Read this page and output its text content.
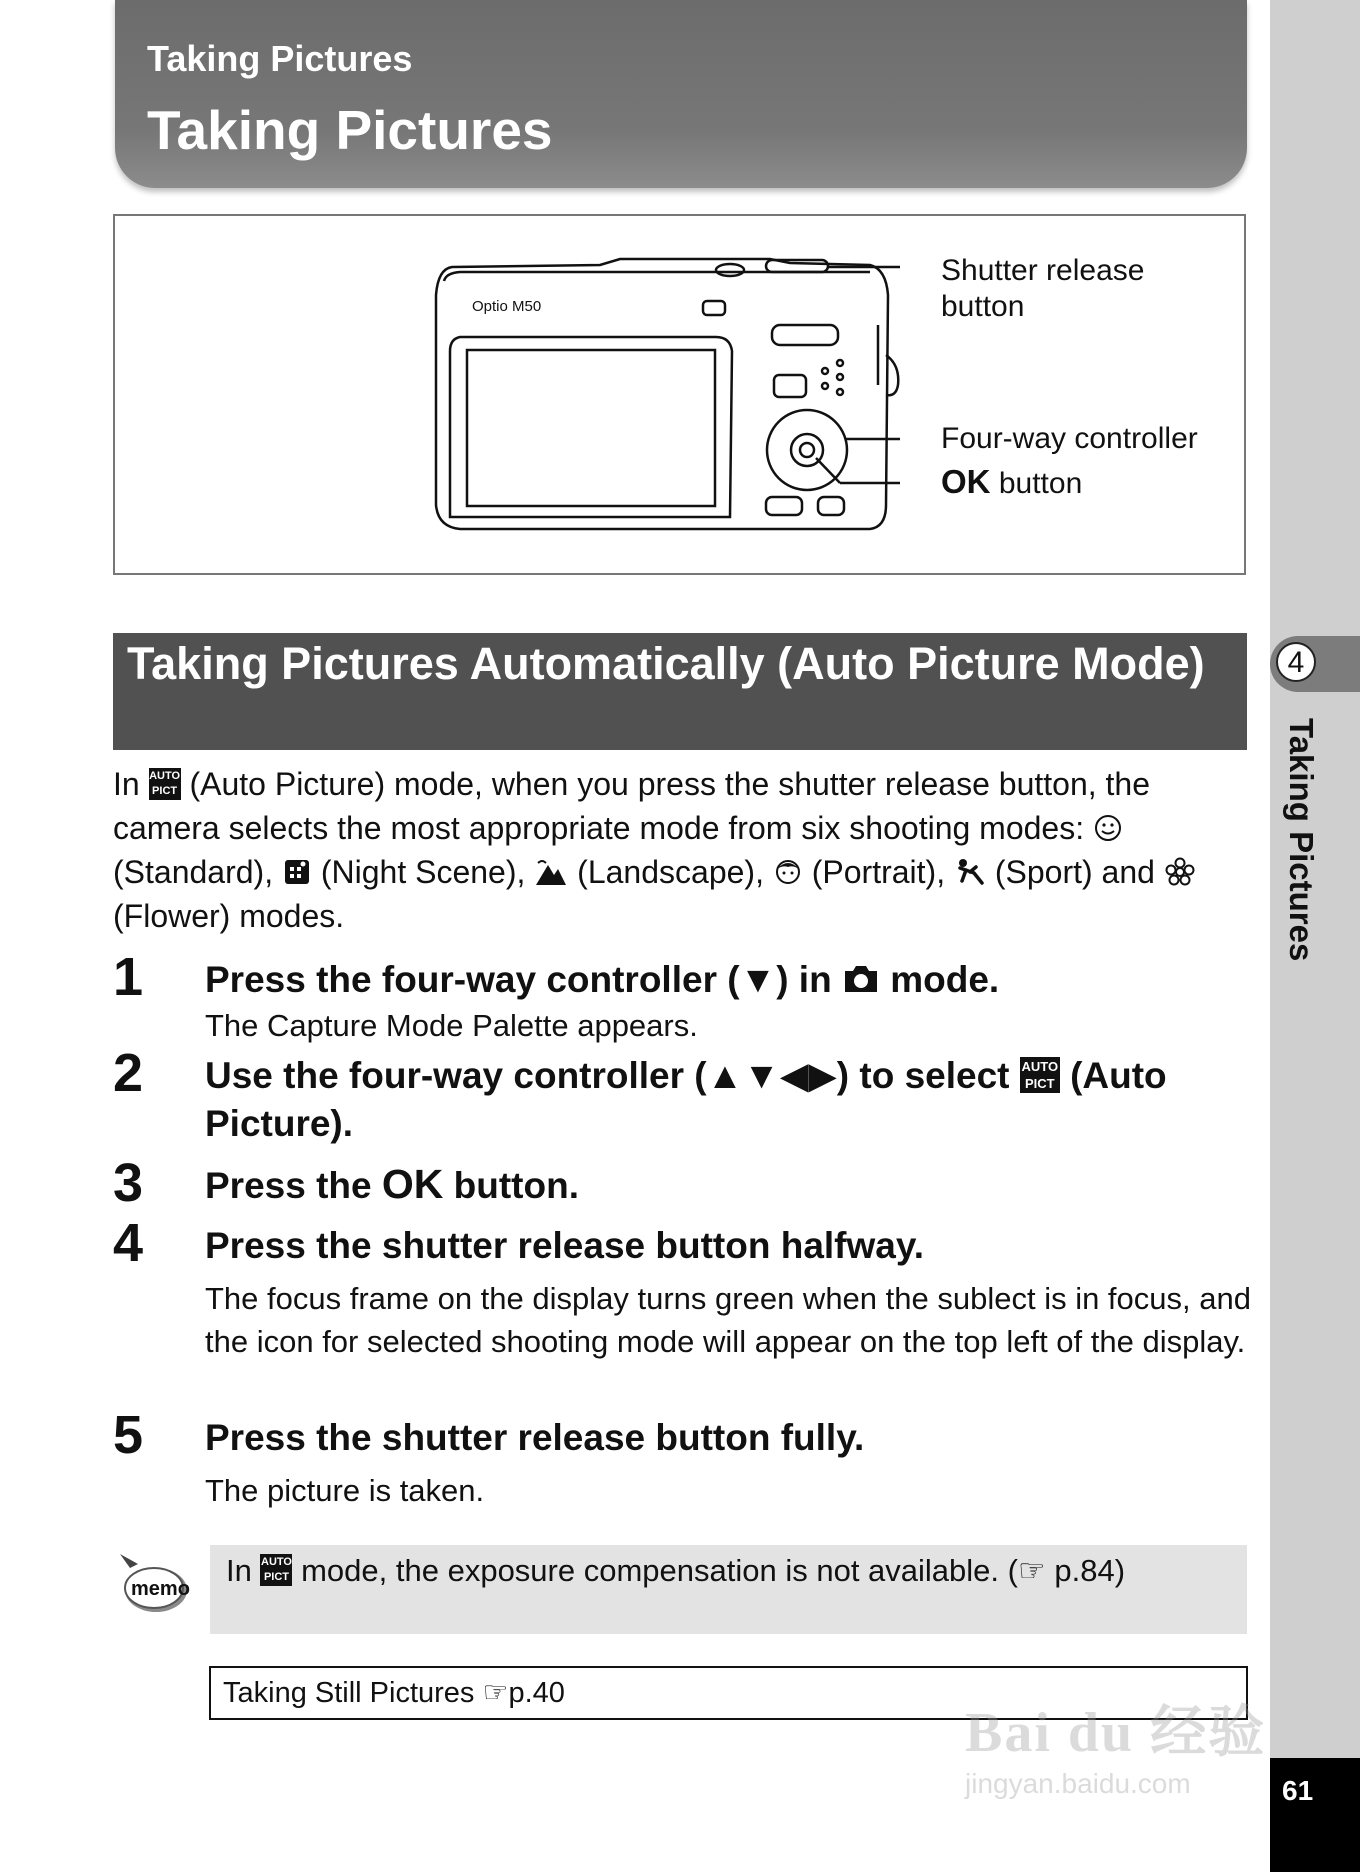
Taking Pictures
Taking Pictures
4
Taking Pictures
61
Optio M50
Shutter release
button
Four-way controller
OK button
Taking Pictures Automatically (Auto Picture Mode)
In AUTO
PICT (Auto Picture) mode, when you press the shutter release button, the camera selects the most appropriate mode from six shooting modes:  (Standard), (Night Scene), (Landscape), (Portrait), (Sport) and  (Flower) modes.
1 Press the four-way controller (▼) in mode.
The Capture Mode Palette appears.
2 Use the four-way controller (▲▼◀▶) to select AUTO
PICT (Auto Picture).
3 Press the OK button.
4 Press the shutter release button halfway.
The focus frame on the display turns green when the sublect is in focus, and the icon for selected shooting mode will appear on the top left of the display.
5 Press the shutter release button fully.
The picture is taken.
memo
In AUTO
PICT mode, the exposure compensation is not available. (☞ p.84)
Taking Still Pictures ☞p.40
Bai du 经验
jingyan.baidu.com
